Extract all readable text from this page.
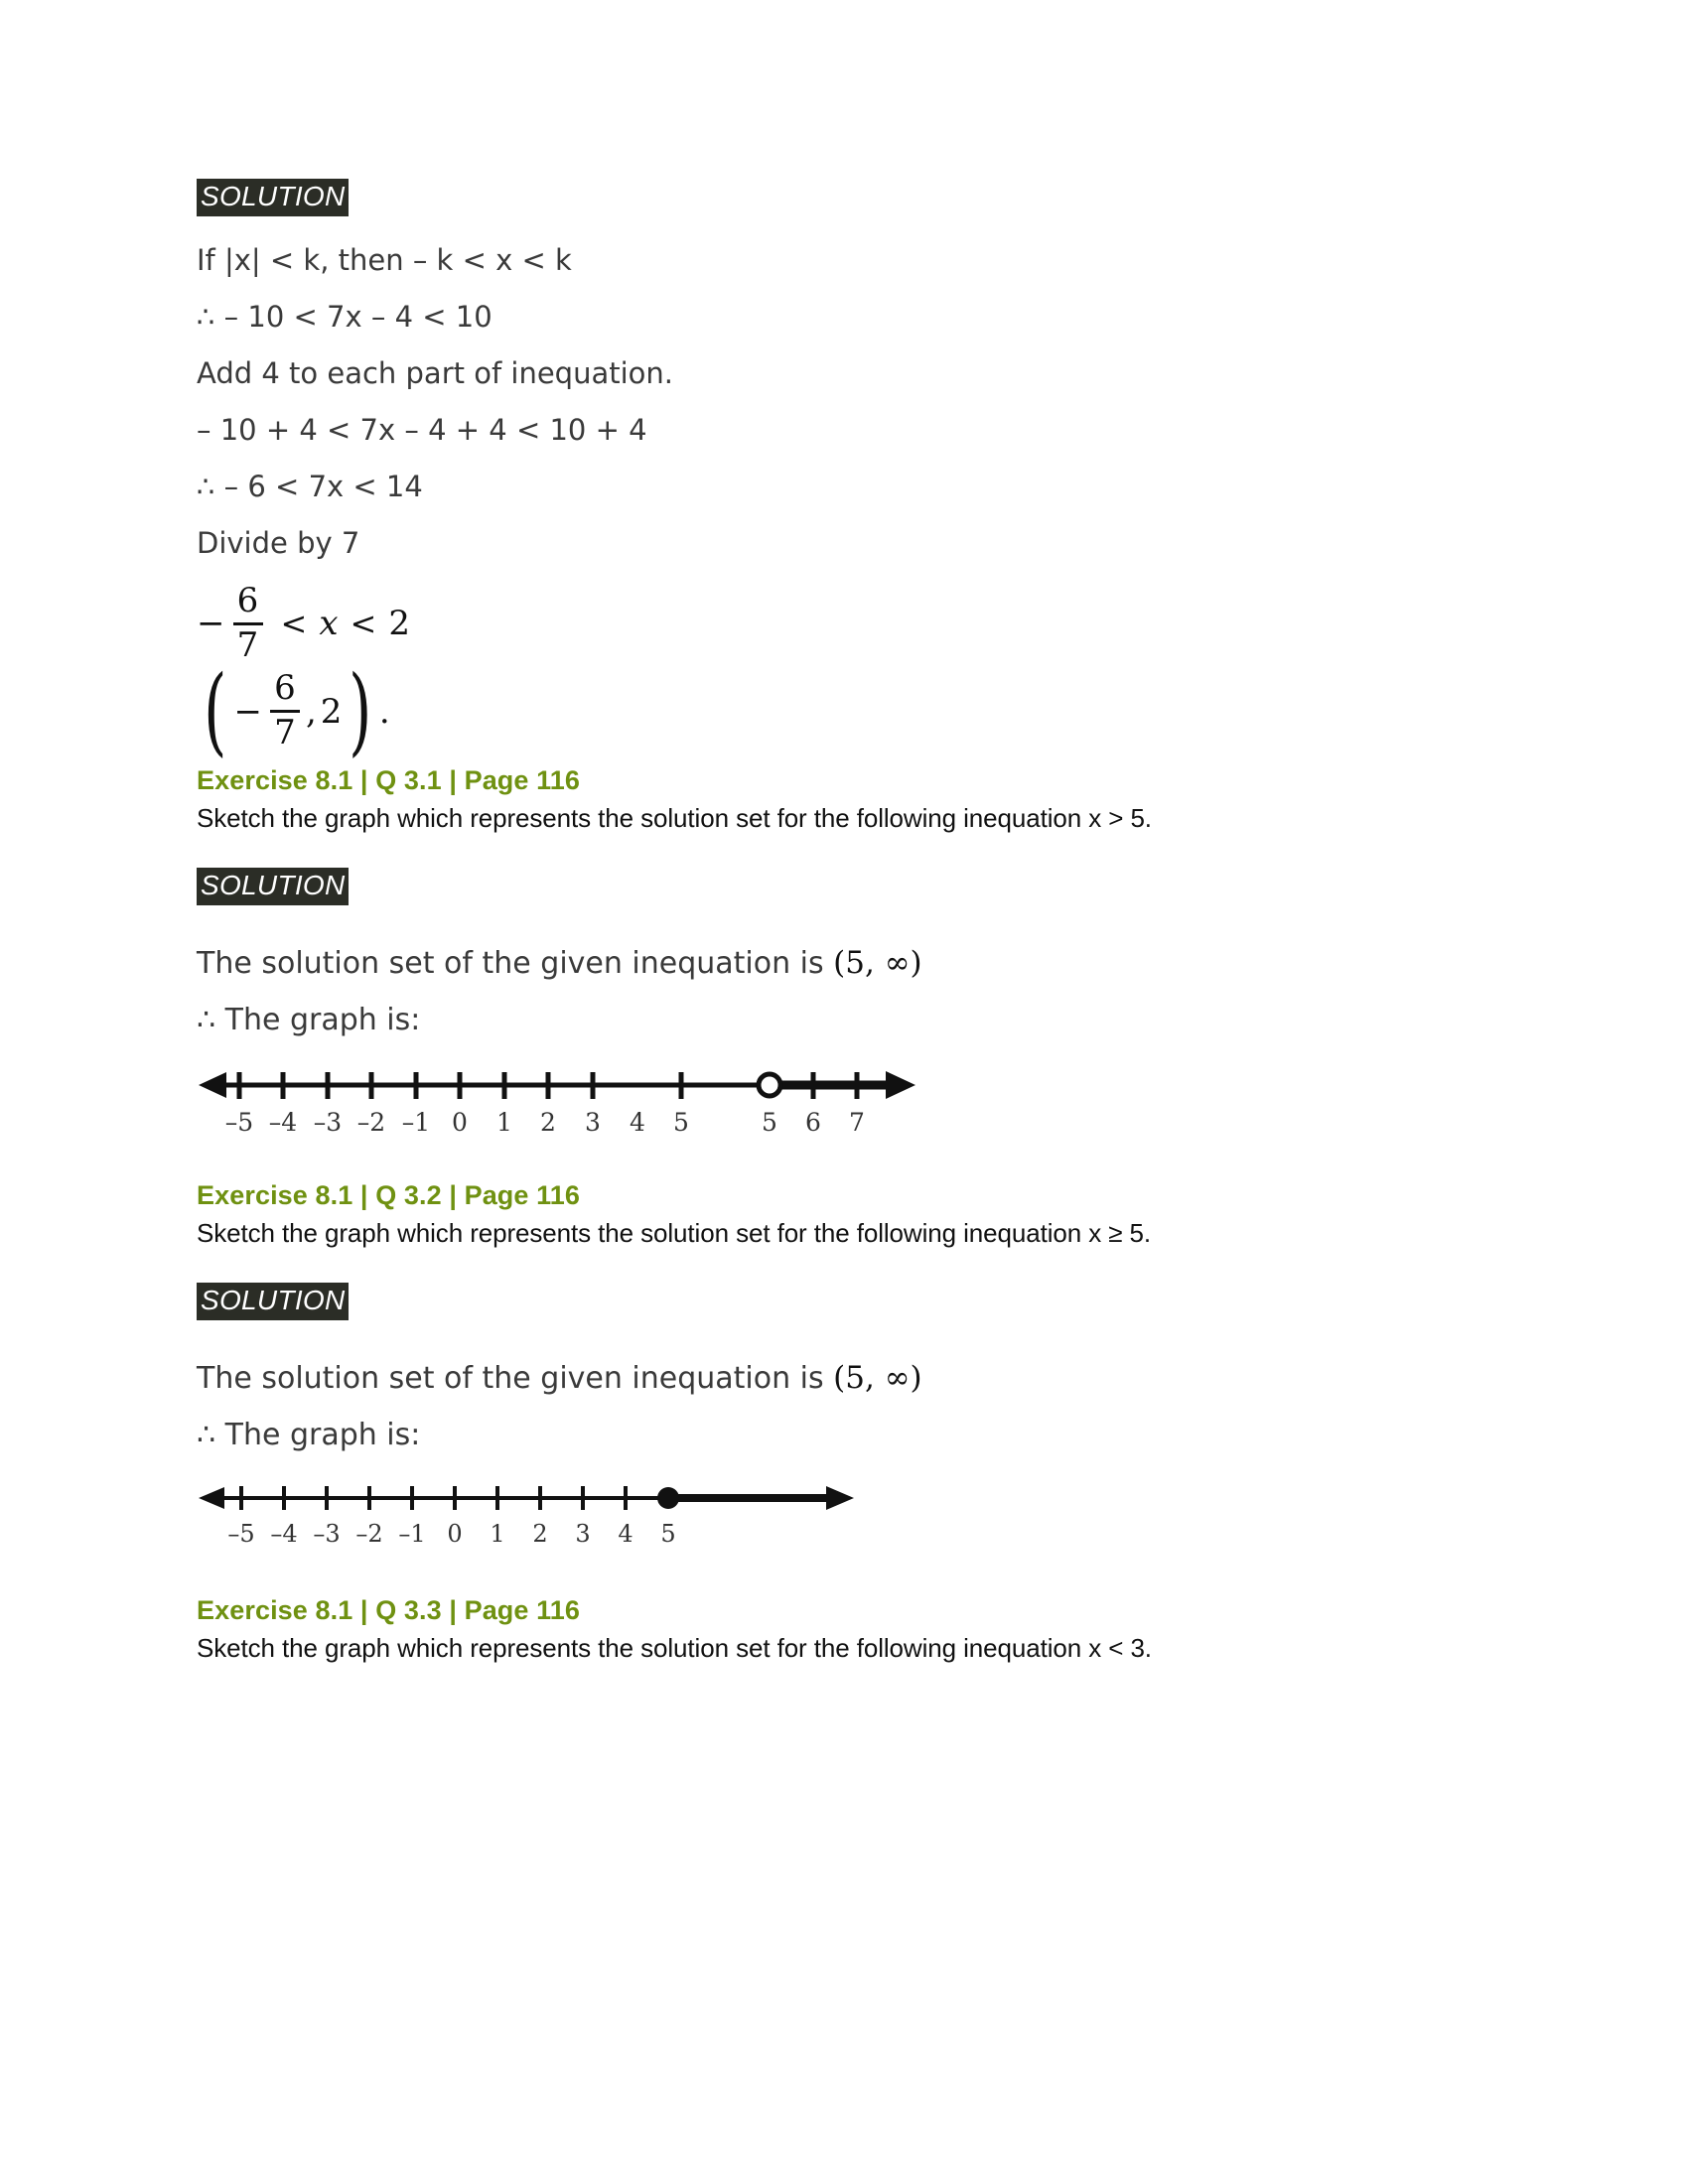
SOLUTION
If |x| < k, then – k < x < k
∴ – 10 < 7x – 4 < 10
Add 4 to each part of inequation.
– 10 + 4 < 7x – 4 + 4 < 10 + 4
∴ – 6 < 7x < 14
Divide by 7
− $\frac{6}{7} < x < 2$
( − $\frac{6}{7}$ , 2 ) .
Exercise 8.1 | Q 3.1 | Page 116
Sketch the graph which represents the solution set for the following inequation x > 5.
SOLUTION
The solution set of the given inequation is (5, ∞)
∴ The graph is:
–5 –4 –3 –2 –1 0 1 2 3 4 5	5 6 7
Exercise 8.1 | Q 3.2 | Page 116
Sketch the graph which represents the solution set for the following inequation x ≥ 5.
SOLUTION
The solution set of the given inequation is (5, ∞)
∴ The graph is:
–5 –4 –3 –2 –1 0 1 2 3 4 5
Exercise 8.1 | Q 3.3 | Page 116
Sketch the graph which represents the solution set for the following inequation x < 3.
